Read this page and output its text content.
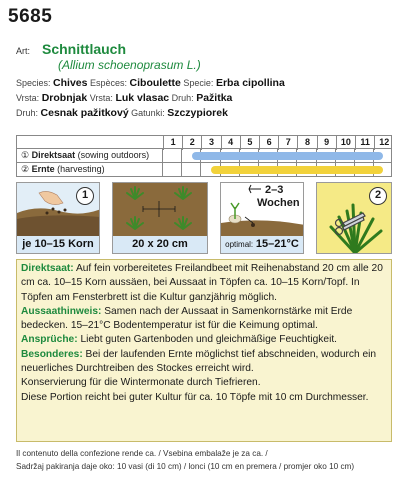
5685
Art: Schnittlauch
(Allium schoenoprasum L.)
Species: Chives Espèces: Ciboulette Specie: Erba cipollina
Vrsta: Drobnjak Vrsta: Luk vlasac Druh: Pažitka
Druh: Cesnak pažitkový Gatunki: Szczypiorek
1	2	3	4	5	6	7	8	9	10	11	12
① Direktsaat (sowing outdoors)
② Ernte (harvesting)
1
je 10–15 Korn	20 x 20 cm
2–3
Wochen
optimal: 15–21°C
2

Direktsaat: Auf fein vorbereitetes Freilandbeet mit Reihenabstand 20 cm alle 20 cm ca. 10–15 Korn aussäen, bei Aussaat in Töpfen ca. 10–15 Korn/Topf. In Töpfen am Fensterbrett ist die Kultur ganzjährig möglich.

Aussaathinweis: Samen nach der Aussaat in Samenkornstärke mit Erde bedecken. 15–21°C Bodentemperatur ist für die Keimung optimal.

Ansprüche: Liebt guten Gartenboden und gleichmäßige Feuchtigkeit.

Besonderes: Bei der laufenden Ernte möglichst tief abschneiden, wodurch ein neuerliches Durchtreiben des Stockes erreicht wird.

Konservierung für die Wintermonate durch Tiefrieren.

Diese Portion reicht bei guter Kultur für ca. 10 Töpfe mit 10 cm Durchmesser.

Il contenuto della confezione rende ca. / Vsebina embalaže je za ca. /
Sadržaj pakiranja daje oko: 10 vasi (di 10 cm) / lonci (10 cm en premera / promjer oko 10 cm)
